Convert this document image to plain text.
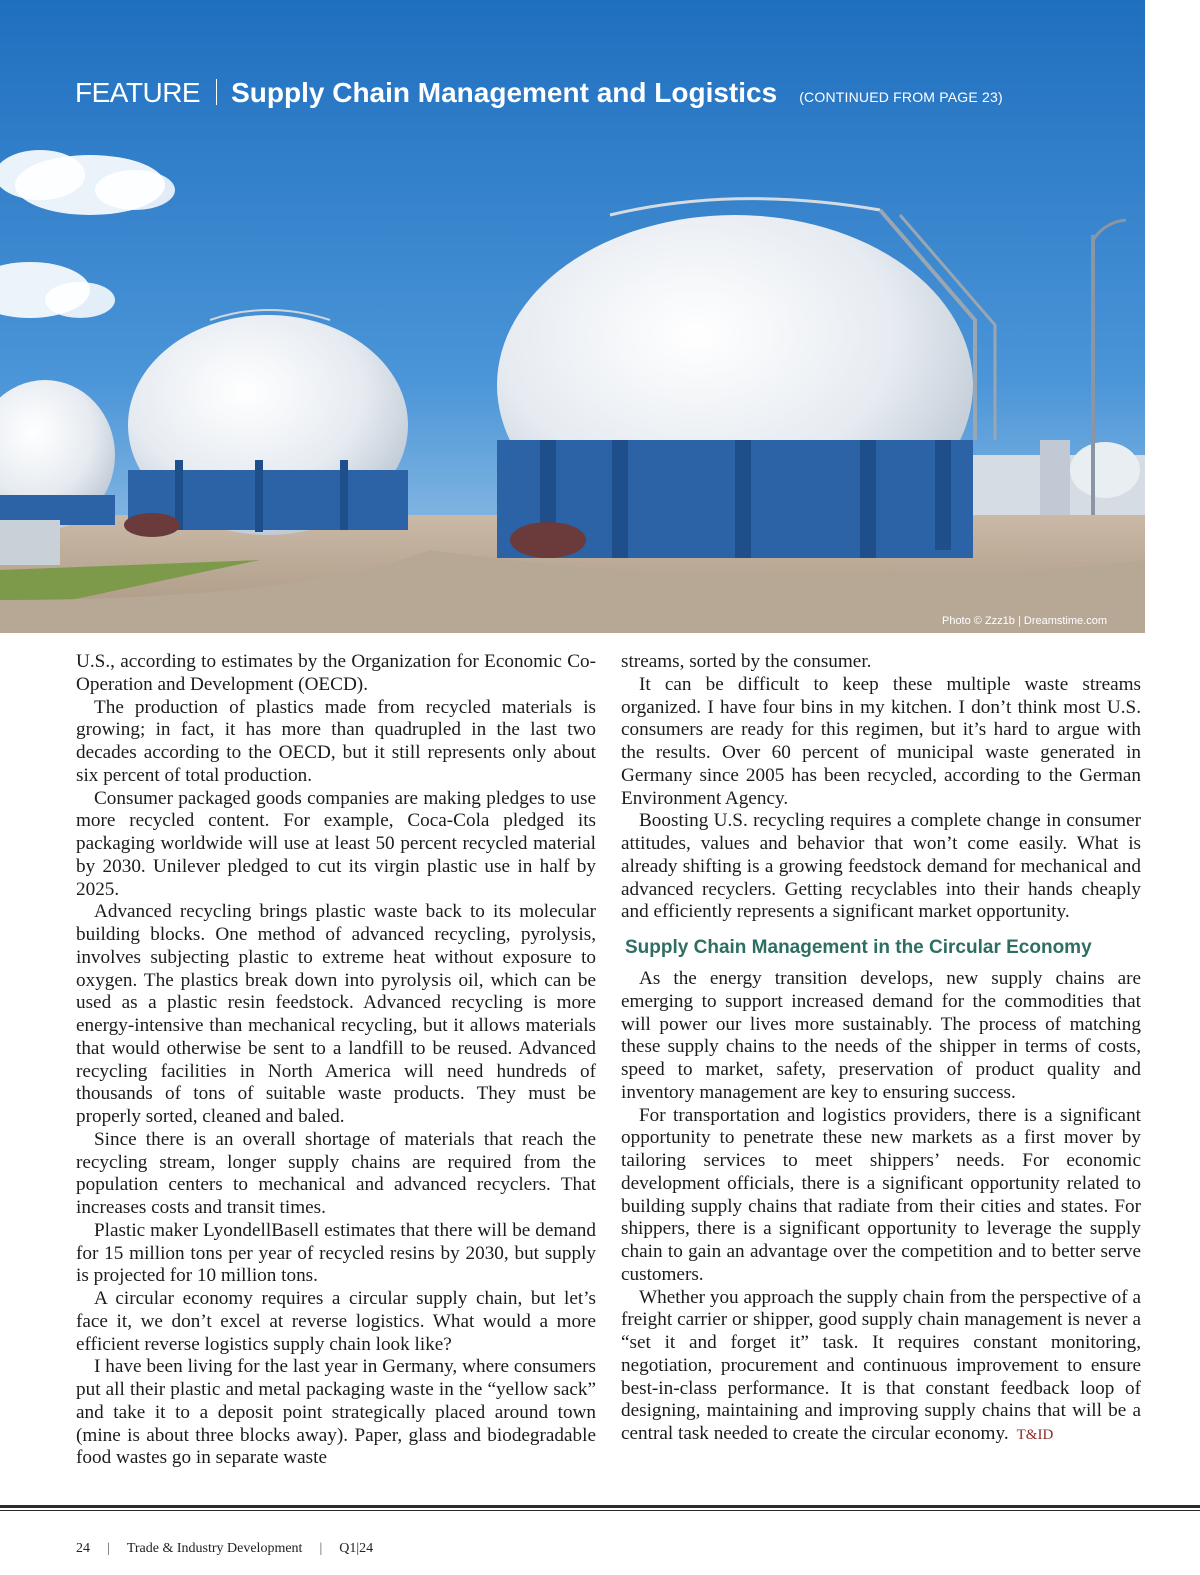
FEATURE Supply Chain Management and Logistics (CONTINUED FROM PAGE 23)
Photo © Zzz1b | Dreamstime.com

U.S., according to estimates by the Organization for Economic Co-Operation and Development (OECD).

The production of plastics made from recycled materials is growing; in fact, it has more than quadrupled in the last two decades according to the OECD, but it still represents only about six percent of total production.

Consumer packaged goods companies are making pledges to use more recycled content. For example, Coca-Cola pledged its packaging worldwide will use at least 50 percent recycled material by 2030. Unilever pledged to cut its virgin plastic use in half by 2025.

Advanced recycling brings plastic waste back to its molecular building blocks. One method of advanced recycling, pyrolysis, involves subjecting plastic to extreme heat without exposure to oxygen. The plastics break down into pyrolysis oil, which can be used as a plastic resin feedstock. Advanced recycling is more energy-intensive than mechanical recycling, but it allows materials that would otherwise be sent to a landfill to be reused. Advanced recycling facilities in North America will need hundreds of thousands of tons of suitable waste products. They must be properly sorted, cleaned and baled.

Since there is an overall shortage of materials that reach the recycling stream, longer supply chains are required from the population centers to mechanical and advanced recyclers. That increases costs and transit times.

Plastic maker LyondellBasell estimates that there will be demand for 15 million tons per year of recycled resins by 2030, but supply is projected for 10 million tons.

A circular economy requires a circular supply chain, but let’s face it, we don’t excel at reverse logistics. What would a more efficient reverse logistics supply chain look like?

I have been living for the last year in Germany, where consumers put all their plastic and metal packaging waste in the “yellow sack” and take it to a deposit point strategically placed around town (mine is about three blocks away). Paper, glass and biodegradable food wastes go in separate waste

streams, sorted by the consumer.

It can be difficult to keep these multiple waste streams organized. I have four bins in my kitchen. I don’t think most U.S. consumers are ready for this regimen, but it’s hard to argue with the results. Over 60 percent of municipal waste generated in Germany since 2005 has been recycled, according to the German Environment Agency.

Boosting U.S. recycling requires a complete change in consumer attitudes, values and behavior that won’t come easily. What is already shifting is a growing feedstock demand for mechanical and advanced recyclers. Getting recyclables into their hands cheaply and efficiently represents a significant market opportunity.

Supply Chain Management in the Circular Economy

As the energy transition develops, new supply chains are emerging to support increased demand for the commodities that will power our lives more sustainably. The process of matching these supply chains to the needs of the shipper in terms of costs, speed to market, safety, preservation of product quality and inventory management are key to ensuring success.

For transportation and logistics providers, there is a significant opportunity to penetrate these new markets as a first mover by tailoring services to meet shippers’ needs. For economic development officials, there is a significant opportunity related to building supply chains that radiate from their cities and states. For shippers, there is a significant opportunity to leverage the supply chain to gain an advantage over the competition and to better serve customers.

Whether you approach the supply chain from the perspective of a freight carrier or shipper, good supply chain management is never a “set it and forget it” task. It requires constant monitoring, negotiation, procurement and continuous improvement to ensure best-in-class performance. It is that constant feedback loop of designing, maintaining and improving supply chains that will be a central task needed to create the circular economy. T&ID

24 | Trade & Industry Development | Q1|24
